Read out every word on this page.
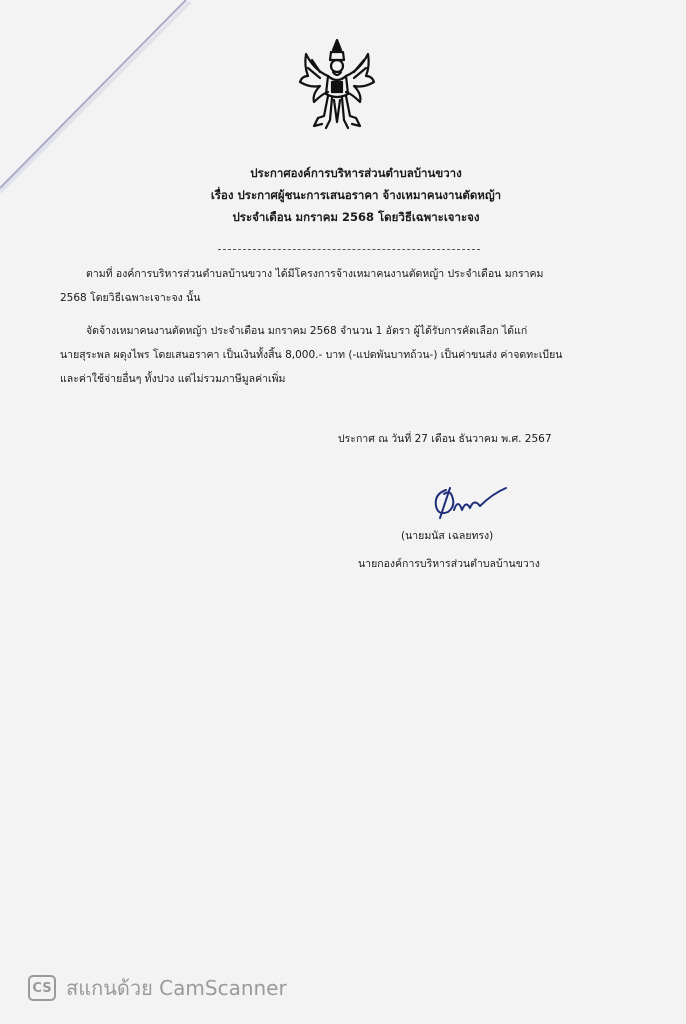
ประกาศองค์การบริหารส่วนตำบลบ้านขวาง
เรื่อง ประกาศผู้ชนะการเสนอราคา จ้างเหมาคนงานตัดหญ้า
ประจำเดือน มกราคม 2568 โดยวิธีเฉพาะเจาะจง
ตามที่ องค์การบริหารส่วนตำบลบ้านขวาง ได้มีโครงการจ้างเหมาคนงานตัดหญ้า ประจำเดือน มกราคม
2568 โดยวิธีเฉพาะเจาะจง นั้น
จัดจ้างเหมาคนงานตัดหญ้า ประจำเดือน มกราคม 2568 จำนวน 1 อัตรา ผู้ได้รับการคัดเลือก ได้แก่
นายสุระพล ผดุงไพร โดยเสนอราคา เป็นเงินทั้งสิ้น 8,000.- บาท (-แปดพันบาทถ้วน-) เป็นค่าขนส่ง ค่าจดทะเบียน
และค่าใช้จ่ายอื่นๆ ทั้งปวง แต่ไม่รวมภาษีมูลค่าเพิ่ม
ประกาศ ณ วันที่ 27 เดือน ธันวาคม พ.ศ. 2567
(นายมนัส เฉลยทรง)
นายกองค์การบริหารส่วนตำบลบ้านขวาง
CS สแกนด้วย CamScanner
